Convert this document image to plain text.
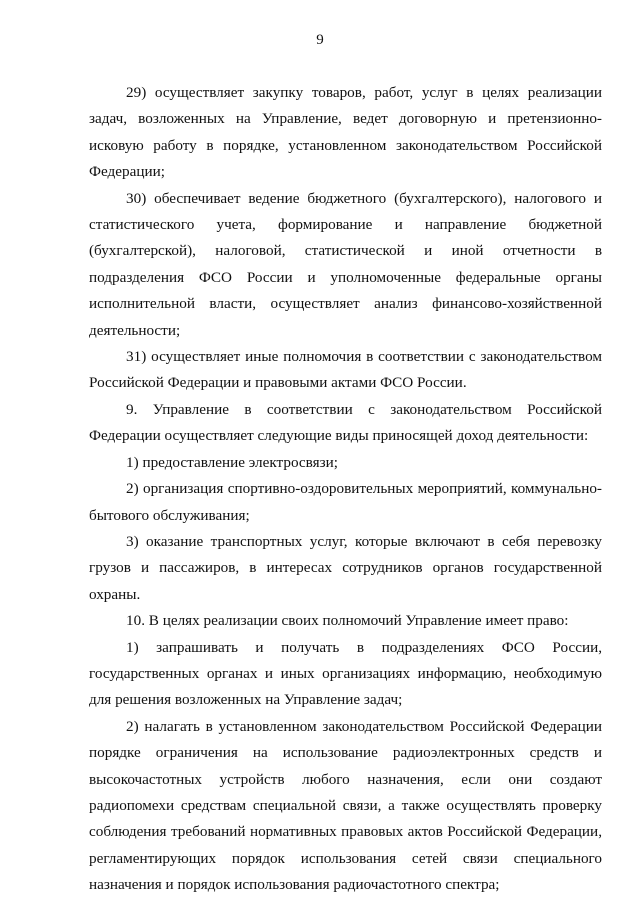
9

29) осуществляет закупку товаров, работ, услуг в целях реализации задач, возложенных на Управление, ведет договорную и претензионно-исковую работу в порядке, установленном законодательством Российской Федерации;

30) обеспечивает ведение бюджетного (бухгалтерского), налогового и статистического учета, формирование и направление бюджетной (бухгалтерской), налоговой, статистической и иной отчетности в подразделения ФСО России и уполномоченные федеральные органы исполнительной власти, осуществляет анализ финансово-хозяйственной деятельности;

31) осуществляет иные полномочия в соответствии с законодательством Российской Федерации и правовыми актами ФСО России.

9. Управление в соответствии с законодательством Российской Федерации осуществляет следующие виды приносящей доход деятельности:

1) предоставление электросвязи;

2) организация спортивно-оздоровительных мероприятий, коммунально-бытового обслуживания;

3) оказание транспортных услуг, которые включают в себя перевозку грузов и пассажиров, в интересах сотрудников органов государственной охраны.

10. В целях реализации своих полномочий Управление имеет право:

1) запрашивать и получать в подразделениях ФСО России, государственных органах и иных организациях информацию, необходимую для решения возложенных на Управление задач;

2) налагать в установленном законодательством Российской Федерации порядке ограничения на использование радиоэлектронных средств и высокочастотных устройств любого назначения, если они создают радиопомехи средствам специальной связи, а также осуществлять проверку соблюдения требований нормативных правовых актов Российской Федерации, регламентирующих порядок использования сетей связи специального назначения и порядок использования радиочастотного спектра;
